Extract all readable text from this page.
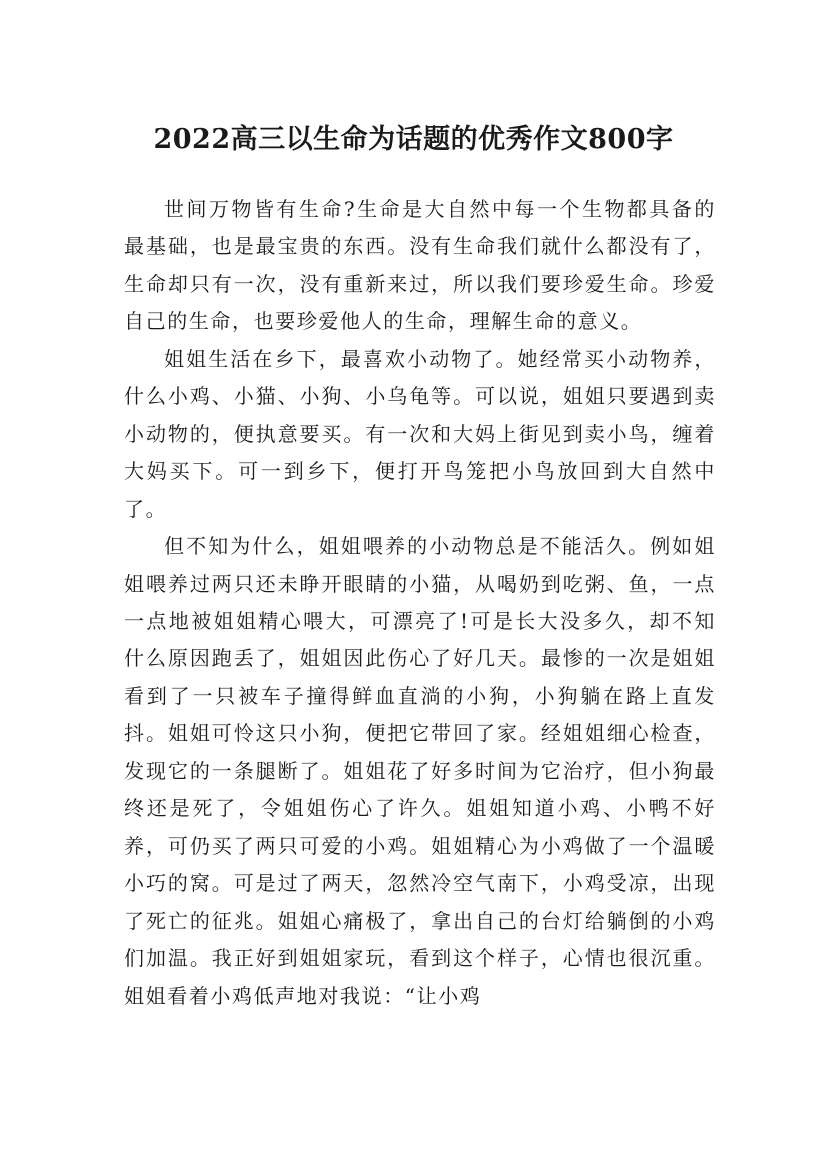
2022高三以生命为话题的优秀作文800字

世间万物皆有生命?生命是大自然中每一个生物都具备的最基础，也是最宝贵的东西。没有生命我们就什么都没有了，生命却只有一次，没有重新来过，所以我们要珍爱生命。珍爱自己的生命，也要珍爱他人的生命，理解生命的意义。

姐姐生活在乡下，最喜欢小动物了。她经常买小动物养，什么小鸡、小猫、小狗、小乌龟等。可以说，姐姐只要遇到卖小动物的，便执意要买。有一次和大妈上街见到卖小鸟，缠着大妈买下。可一到乡下，便打开鸟笼把小鸟放回到大自然中了。

但不知为什么，姐姐喂养的小动物总是不能活久。例如姐姐喂养过两只还未睁开眼睛的小猫，从喝奶到吃粥、鱼，一点一点地被姐姐精心喂大，可漂亮了!可是长大没多久，却不知什么原因跑丢了，姐姐因此伤心了好几天。最惨的一次是姐姐看到了一只被车子撞得鲜血直淌的小狗，小狗躺在路上直发抖。姐姐可怜这只小狗，便把它带回了家。经姐姐细心检查，发现它的一条腿断了。姐姐花了好多时间为它治疗，但小狗最终还是死了，令姐姐伤心了许久。姐姐知道小鸡、小鸭不好养，可仍买了两只可爱的小鸡。姐姐精心为小鸡做了一个温暖小巧的窝。可是过了两天，忽然冷空气南下，小鸡受凉，出现了死亡的征兆。姐姐心痛极了，拿出自己的台灯给躺倒的小鸡们加温。我正好到姐姐家玩，看到这个样子，心情也很沉重。姐姐看着小鸡低声地对我说：“让小鸡
